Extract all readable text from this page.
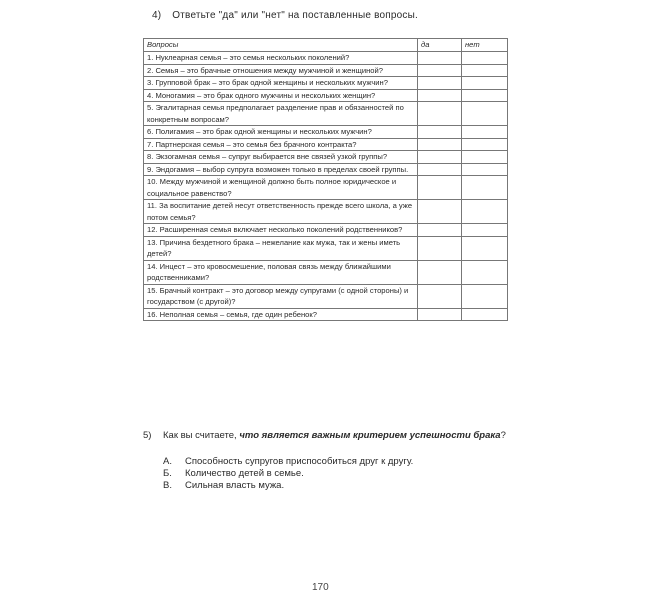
4) Ответьте "да" или "нет" на поставленные вопросы.
Вопросы	да	нет
1. Нуклеарная семья – это семья нескольких поколений?		
2. Семья – это брачные отношения между мужчиной и женщиной?		
3. Групповой брак – это брак одной женщины и нескольких мужчин?		
4. Моногамия – это брак одного мужчины и нескольких женщин?		
5. Эгалитарная семья предполагает разделение прав и обязанностей по конкретным вопросам?		
6. Полигамия – это брак одной женщины и нескольких мужчин?		
7. Партнерская семья – это семья без брачного контракта?		
8. Экзогамная семья – супруг выбирается вне связей узкой группы?		
9. Эндогамия – выбор супруга возможен только в пределах своей группы.		
10. Между мужчиной и женщиной должно быть полное юридическое и социальное равенство?		
11. За воспитание детей несут ответственность прежде всего школа, а уже потом семья?		
12. Расширенная семья включает несколько поколений родственников?		
13. Причина бездетного брака – нежелание как мужа, так и жены иметь детей?		
14. Инцест – это кровосмешение, половая связь между ближайшими родственниками?		
15. Брачный контракт – это договор между супругами (с одной стороны) и государством (с другой)?		
16. Неполная семья – семья, где один ребенок?		
5) Как вы считаете, что является важным критерием успешности брака?
А.	Способность супругов приспособиться друг к другу.
Б.	Количество детей в семье.
В.	Сильная власть мужа.
170
